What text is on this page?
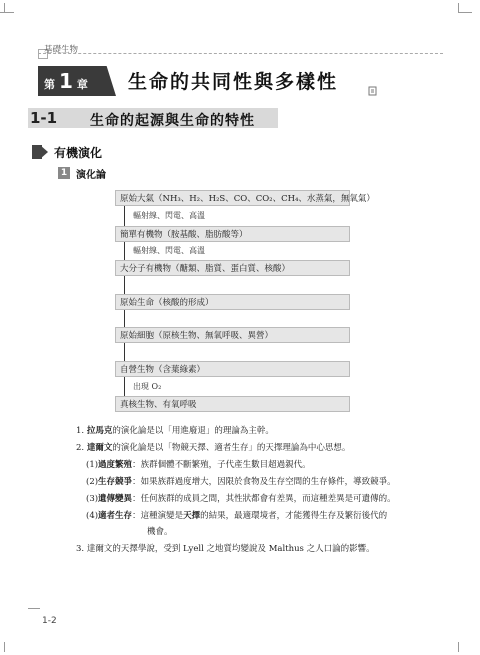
基礎生物
第 1 章 生命的共同性與多樣性
1-1 生命的起源與生命的特性
有機演化
1 演化論
原始大氣（NH₃、H₂、H₂S、CO、CO₂、CH₄、水蒸氣，無氧氣）
輻射線、閃電、高溫
簡單有機物（胺基酸、脂肪酸等）
輻射線、閃電、高溫
大分子有機物（醣類、脂質、蛋白質、核酸）
原始生命（核酸的形成）
原始細胞（原核生物、無氧呼吸、異營）
自營生物（含葉綠素）
出現 O₂
真核生物、有氧呼吸
1. 拉馬克的演化論是以「用進廢退」的理論為主幹。
2. 達爾文的演化論是以「物競天擇、適者生存」的天擇理論為中心思想。
(1)過度繁殖：族群個體不斷繁殖，子代產生數目超過親代。
(2)生存競爭：如果族群過度增大，因限於食物及生存空間的生存條件，導致競爭。
(3)遺傳變異：任何族群的成員之間，其性狀都會有差異，而這種差異是可遺傳的。
(4)適者生存：這種演變是天擇的結果，最適環境者，才能獲得生存及繁衍後代的
機會。
3. 達爾文的天擇學說，受到 Lyell 之地質均變說及 Malthus 之人口論的影響。
1-2
